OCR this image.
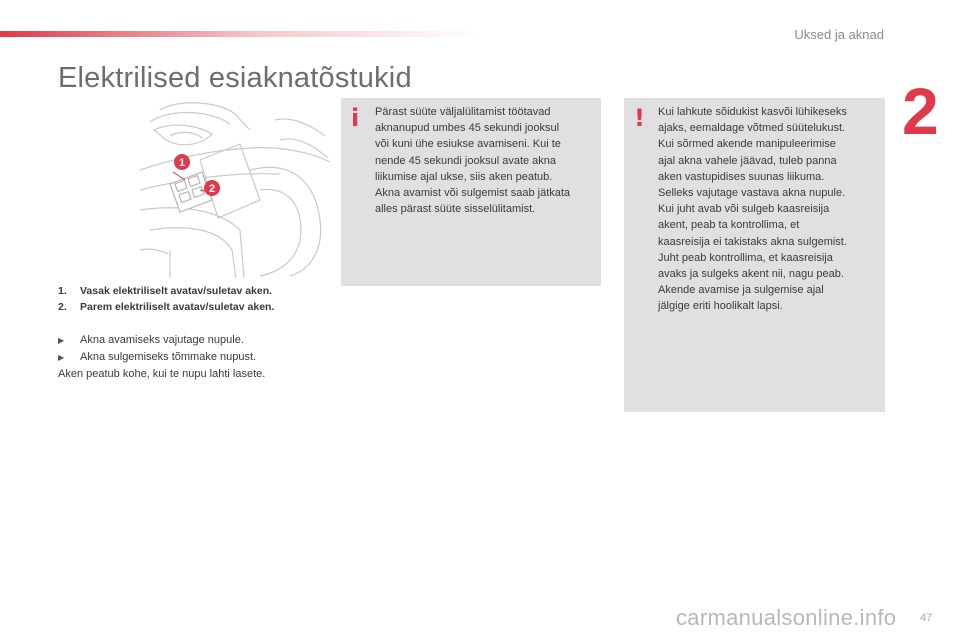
Uksed ja aknad
2
Elektrilised esiaknatõstukid
1
2
1. Vasak elektriliselt avatav/suletav aken.
2. Parem elektriliselt avatav/suletav aken.
▶ Akna avamiseks vajutage nupule.
▶ Akna sulgemiseks tõmmake nupust.
Aken peatub kohe, kui te nupu lahti lasete.
i Pärast süüte väljalülitamist töötavad
aknanupud umbes 45 sekundi jooksul
või kuni ühe esiukse avamiseni. Kui te
nende 45 sekundi jooksul avate akna
liikumise ajal ukse, siis aken peatub.
Akna avamist või sulgemist saab jätkata
alles pärast süüte sisselülitamist.
! Kui lahkute sõidukist kasvõi lühikeseks
ajaks, eemaldage võtmed süütelukust.
Kui sõrmed akende manipuleerimise
ajal akna vahele jäävad, tuleb panna
aken vastupidises suunas liikuma.
Selleks vajutage vastava akna nupule.
Kui juht avab või sulgeb kaasreisija
akent, peab ta kontrollima, et
kaasreisija ei takistaks akna sulgemist.
Juht peab kontrollima, et kaasreisija
avaks ja sulgeks akent nii, nagu peab.
Akende avamise ja sulgemise ajal
jälgige eriti hoolikalt lapsi.
carmanualsonline.info 47
